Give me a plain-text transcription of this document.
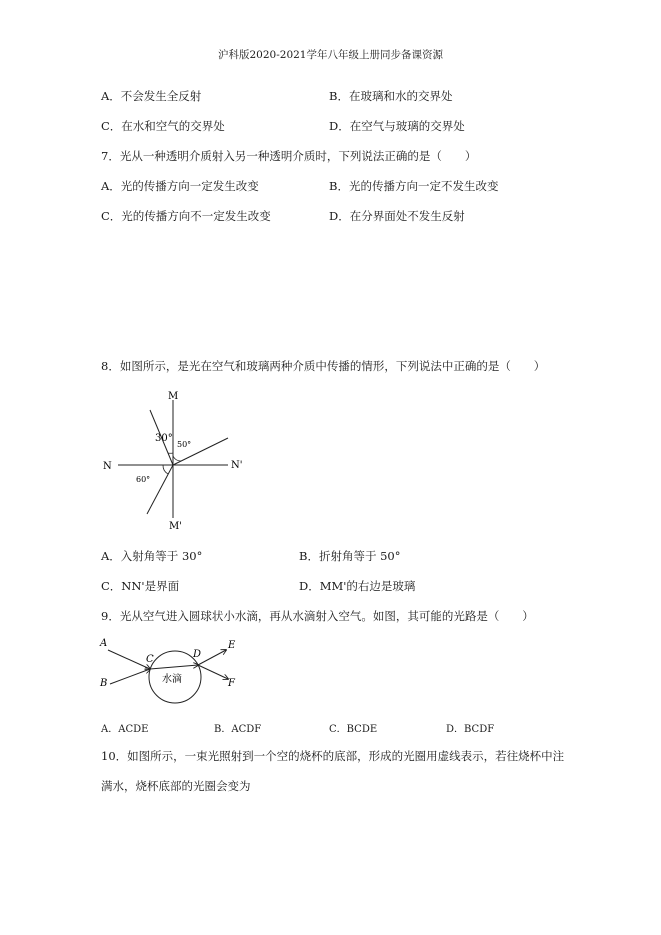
沪科版2020-2021学年八年级上册同步备课资源
A．不会发生全反射	B．在玻璃和水的交界处
C．在水和空气的交界处	D．在空气与玻璃的交界处
7．光从一种透明介质射入另一种透明介质时，下列说法正确的是（　　）
A．光的传播方向一定发生改变	B．光的传播方向一定不发生改变
C．光的传播方向不一定发生改变	D．在分界面处不发生反射
8．如图所示，是光在空气和玻璃两种介质中传播的情形，下列说法中正确的是（　　）
M
M'
N	N'
30°
50°
60°
A．入射角等于 30°	B．折射角等于 50°
C．NN'是界面	D．MM'的右边是玻璃
9．光从空气进入圆球状小水滴，再从水滴射入空气。如图，其可能的光路是（　　）
水滴
A
B
C	D
E
F
A．ACDE	B．ACDF	C．BCDE	D．BCDF
10．如图所示，一束光照射到一个空的烧杯的底部，形成的光圈用虚线表示，若往烧杯中注
满水，烧杯底部的光圈会变为
